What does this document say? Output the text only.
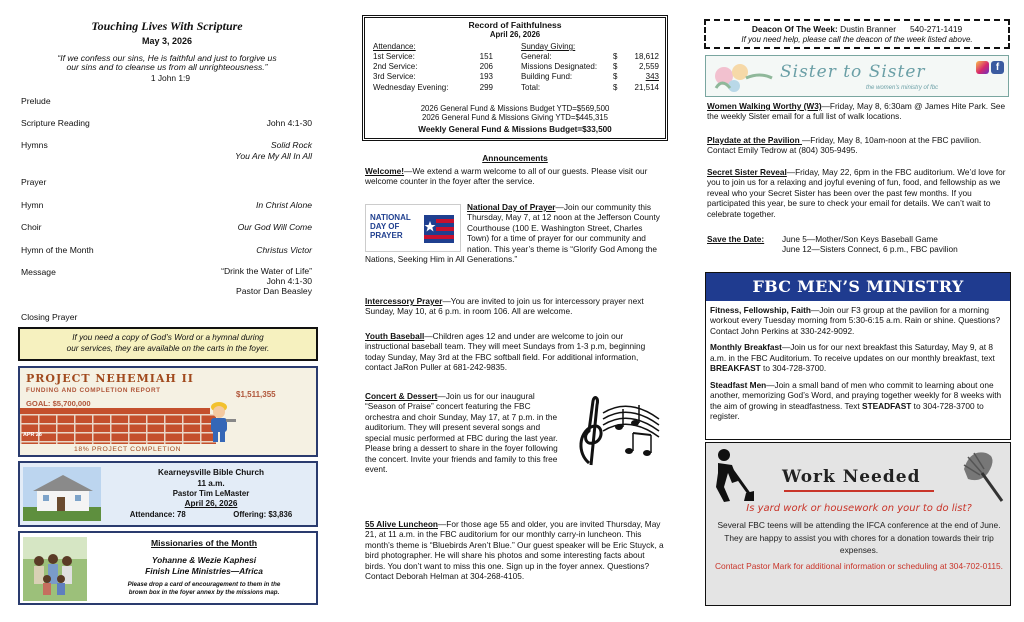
Touching Lives With Scripture
May 3, 2026
“If we confess our sins, He is faithful and just to forgive us
our sins and to cleanse us from all unrighteousness.”
1 John 1:9
Prelude
Scripture Reading	John 4:1-30
Hymns	Solid Rock
You Are My All In All
Prayer
Hymn	In Christ Alone
Choir	Our God Will Come
Hymn of the Month	Christus Victor
Message	“Drink the Water of Life”
John 4:1-30
Pastor Dan Beasley
Closing Prayer
If you need a copy of God’s Word or a hymnal during
our services, they are available on the carts in the foyer.
PROJECT NEHEMIAH II
FUNDING AND COMPLETION REPORT
GOAL: $5,700,000
$1,511,355
APR 26
18% PROJECT COMPLETION
Kearneysville Bible Church
11 a.m.
Pastor Tim LeMaster
April 26, 2026
Attendance: 78	Offering: $3,836
Missionaries of the Month
Yohanne & Wezie Kaphesi
Finish Line Ministries—Africa
Please drop a card of encouragement to them in the
brown box in the foyer annex by the missions map.
Record of Faithfulness
April 26, 2026
Attendance:
1st Service:	151
2nd Service:	206
3rd Service:	193
Wednesday Evening:	299
Sunday Giving:
General:	$	18,612
Missions Designated:	$	2,559
Building Fund:	$	343
Total:	$	21,514
2026 General Fund & Missions Budget YTD=$569,500
2026 General Fund & Missions Giving YTD=$445,315
Weekly General Fund & Missions Budget=$33,500
Announcements
Welcome!—We extend a warm welcome to all of our guests. Please visit our welcome counter in the foyer after the service.
NATIONAL
DAY OF
PRAYER
National Day of Prayer—Join our community this Thursday, May 7, at 12 noon at the Jefferson County Courthouse (100 E. Washington Street, Charles Town) for a time of prayer for our community and nation. This year’s theme is “Glorify God Among the Nations, Seeking Him in All Generations.”
Intercessory Prayer—You are invited to join us for intercessory prayer next Sunday, May 10, at 6 p.m. in room 106. All are welcome.
Youth Baseball—Children ages 12 and under are welcome to join our instructional baseball team. They will meet Sundays from 1-3 p.m, beginning today Sunday, May 3rd at the FBC softball field. For additional information, contact JaRon Puller at 681-242-9835.
Concert & Dessert—Join us for our inaugural “Season of Praise” concert featuring the FBC orchestra and choir Sunday, May 17, at 7 p.m. in the auditorium. They will present several songs and special music performed at FBC during the last year. Please bring a dessert to share in the foyer following the concert. Invite your friends and family to this free event.
55 Alive Luncheon—For those age 55 and older, you are invited Thursday, May 21, at 11 a.m. in the FBC auditorium for our monthly carry-in luncheon. This month’s theme is “Bluebirds Aren’t Blue.” Our guest speaker will be Eric Stuyck, a bird photographer. He will share his photos and some interesting facts about birds. You don’t want to miss this one. Sign up in the foyer annex. Questions? Contact Deborah Helman at 304-268-4105.
Deacon Of The Week: Dustin Branner 540-271-1419
If you need help, please call the deacon of the week listed above.
Sister to Sister
the women's ministry of fbc
f
Women Walking Worthy (W3)—Friday, May 8, 6:30am @ James Hite Park. See the weekly Sister email for a full list of walk locations.
Playdate at the Pavilion —Friday, May 8, 10am-noon at the FBC pavilion. Contact Emily Tedrow at (804) 305-9495.
Secret Sister Reveal—Friday, May 22, 6pm in the FBC auditorium. We’d love for you to join us for a relaxing and joyful evening of fun, food, and fellowship as we reveal who your Secret Sister has been over the past few months. If you participated this year, be sure to check your email for details. We can’t wait to celebrate together.
Save the Date:	June 5—Mother/Son Keys Baseball Game
June 12—Sisters Connect, 6 p.m., FBC pavilion
FBC MEN’S MINISTRY

Fitness, Fellowship, Faith—Join our F3 group at the pavilion for a morning workout every Tuesday morning from 5:30-6:15 a.m. Rain or shine. Questions? Contact John Perkins at 330-242-9092.

Monthly Breakfast—Join us for our next breakfast this Saturday, May 9, at 8 a.m. in the FBC Auditorium. To receive updates on our monthly breakfast, text BREAKFAST to 304-728-3700.

Steadfast Men—Join a small band of men who commit to learning about one another, memorizing God’s Word, and praying together weekly for 8 weeks with the aim of growing in steadfastness. Text STEADFAST to 304-728-3700 to register.

Work Needed
Is yard work or housework on your to do list?
Several FBC teens will be attending the IFCA conference at the end of June. They are happy to assist you with chores for a donation towards their trip expenses.
Contact Pastor Mark for additional information or scheduling at 304-702-0115.
